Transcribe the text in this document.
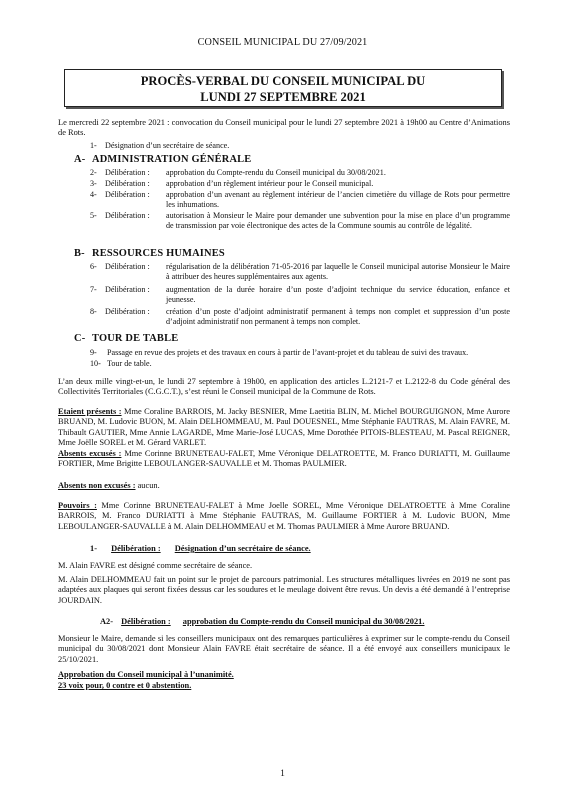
CONSEIL MUNICIPAL DU 27/09/2021
PROCÈS-VERBAL DU CONSEIL MUNICIPAL DU
LUNDI 27 SEPTEMBRE 2021
Le mercredi 22 septembre 2021 : convocation du Conseil municipal pour le lundi 27 septembre 2021 à 19h00 au Centre d’Animations de Rots.
1- Désignation d’un secrétaire de séance.
A- ADMINISTRATION GÉNÉRALE
2- Délibération : approbation du Compte-rendu du Conseil municipal du 30/08/2021.
3- Délibération : approbation d’un règlement intérieur pour le Conseil municipal.
4- Délibération : approbation d’un avenant au règlement intérieur de l’ancien cimetière du village de Rots pour permettre les inhumations.
5- Délibération : autorisation à Monsieur le Maire pour demander une subvention pour la mise en place d’un programme de transmission par voie électronique des actes de la Commune soumis au contrôle de légalité.
B- RESSOURCES HUMAINES
6- Délibération : régularisation de la délibération 71-05-2016 par laquelle le Conseil municipal autorise Monsieur le Maire à attribuer des heures supplémentaires aux agents.
7- Délibération : augmentation de la durée horaire d’un poste d’adjoint technique du service éducation, enfance et jeunesse.
8- Délibération : création d’un poste d’adjoint administratif permanent à temps non complet et suppression d’un poste d’adjoint administratif non permanent à temps non complet.
C- TOUR DE TABLE
9- Passage en revue des projets et des travaux en cours à partir de l’avant-projet et du tableau de suivi des travaux.
10- Tour de table.
L’an deux mille vingt-et-un, le lundi 27 septembre à 19h00, en application des articles L.2121-7 et L.2122-8 du Code général des Collectivités Territoriales (C.G.C.T.), s’est réuni le Conseil municipal de la Commune de Rots.
Etaient présents : Mme Coraline BARROIS, M. Jacky BESNIER, Mme Laetitia BLIN, M. Michel BOURGUIGNON, Mme Aurore BRUAND, M. Ludovic BUON, M. Alain DELHOMMEAU, M. Paul DOUESNEL, Mme Stéphanie FAUTRAS, M. Alain FAVRE, M. Thibault GAUTIER, Mme Annie LAGARDE, Mme Marie-José LUCAS, Mme Dorothée PITOIS-BLESTEAU, M. Pascal REIGNER, Mme Joëlle SOREL et M. Gérard VARLET.
Absents excusés : Mme Corinne BRUNETEAU-FALET, Mme Véronique DELATROETTE, M. Franco DURIATTI, M. Guillaume FORTIER, Mme Brigitte LEBOULANGER-SAUVALLE et M. Thomas PAULMIER.
Absents non excusés : aucun.
Pouvoirs : Mme Corinne BRUNETEAU-FALET à Mme Joelle SOREL, Mme Véronique DELATROETTE à Mme Coraline BARROIS, M. Franco DURIATTI à Mme Stéphanie FAUTRAS, M. Guillaume FORTIER à M. Ludovic BUON, Mme LEBOULANGER-SAUVALLE à M. Alain DELHOMMEAU et M. Thomas PAULMIER à Mme Aurore BRUAND.
1- Délibération : Désignation d’un secrétaire de séance.
M. Alain FAVRE est désigné comme secrétaire de séance.
M. Alain DELHOMMEAU fait un point sur le projet de parcours patrimonial. Les structures métalliques livrées en 2019 ne sont pas adaptées aux plaques qui seront fixées dessus car les soudures et le meulage doivent être revus. Un devis a été demandé à l’entreprise JOURDAIN.
A2- Délibération : approbation du Compte-rendu du Conseil municipal du 30/08/2021.
Monsieur le Maire, demande si les conseillers municipaux ont des remarques particulières à exprimer sur le compte-rendu du Conseil municipal du 30/08/2021 dont Monsieur Alain FAVRE était secrétaire de séance. Il a été envoyé aux conseillers municipaux le 25/10/2021.
Approbation du Conseil municipal à l’unanimité.
23 voix pour, 0 contre et 0 abstention.
1
